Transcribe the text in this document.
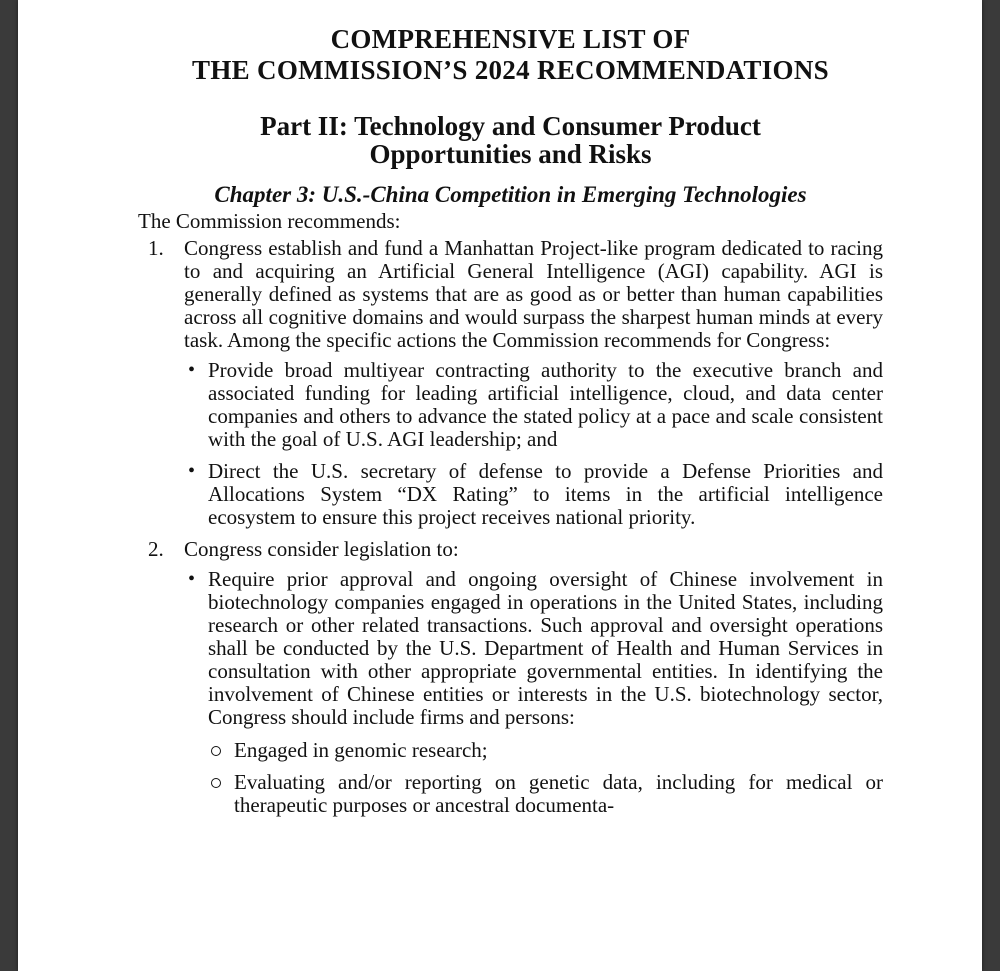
COMPREHENSIVE LIST OF
THE COMMISSION’S 2024 RECOMMENDATIONS
Part II: Technology and Consumer Product
Opportunities and Risks
Chapter 3: U.S.-China Competition in Emerging Technologies
The Commission recommends:
1. Congress establish and fund a Manhattan Project-like program dedicated to racing to and acquiring an Artificial General Intelligence (AGI) capability. AGI is generally defined as systems that are as good as or better than human capabilities across all cognitive domains and would surpass the sharpest human minds at every task. Among the specific actions the Commission recommends for Congress:
• Provide broad multiyear contracting authority to the executive branch and associated funding for leading artificial intelligence, cloud, and data center companies and others to advance the stated policy at a pace and scale consistent with the goal of U.S. AGI leadership; and
• Direct the U.S. secretary of defense to provide a Defense Priorities and Allocations System “DX Rating” to items in the artificial intelligence ecosystem to ensure this project receives national priority.
2. Congress consider legislation to:
• Require prior approval and ongoing oversight of Chinese involvement in biotechnology companies engaged in operations in the United States, including research or other related transactions. Such approval and oversight operations shall be conducted by the U.S. Department of Health and Human Services in consultation with other appropriate governmental entities. In identifying the involvement of Chinese entities or interests in the U.S. biotechnology sector, Congress should include firms and persons:
Engaged in genomic research;
Evaluating and/or reporting on genetic data, including for medical or therapeutic purposes or ancestral documenta-
